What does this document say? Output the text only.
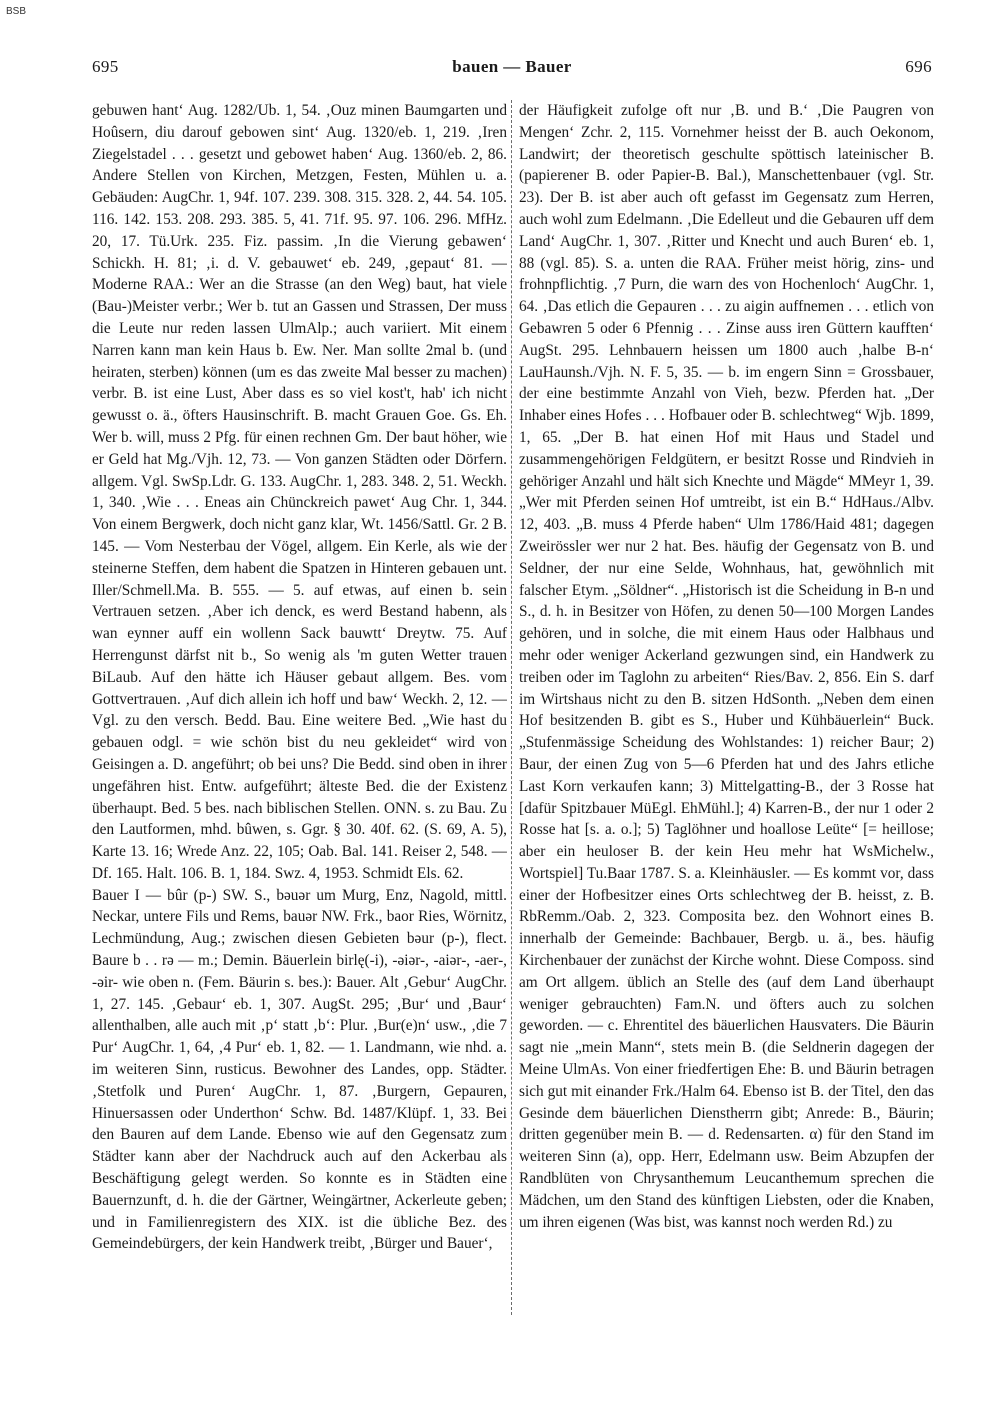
BSB
695	bauen — Bauer	696

gebuwen hant‘ Aug. 1282/Ub. 1, 54. ‚Ouz minen Baumgarten und Hoûsern, diu darouf gebowen sint‘ Aug. 1320/eb. 1, 219. ‚Iren Ziegelstadel . . . gesetzt und gebowet haben‘ Aug. 1360/eb. 2, 86. Andere Stellen von Kirchen, Metzgen, Festen, Mühlen u. a. Gebäuden: AugChr. 1, 94f. 107. 239. 308. 315. 328. 2, 44. 54. 105. 116. 142. 153. 208. 293. 385. 5, 41. 71f. 95. 97. 106. 296. MfHz. 20, 17. Tü.Urk. 235. Fiz. passim. ‚In die Vierung gebawen‘ Schickh. H. 81; ‚i. d. V. gebauwet‘ eb. 249, ‚gepaut‘ 81. — Moderne RAA.: Wer an die Strasse (an den Weg) baut, hat viele (Bau-)Meister verbr.; Wer b. tut an Gassen und Strassen, Der muss die Leute nur reden lassen UlmAlp.; auch variiert. Mit einem Narren kann man kein Haus b. Ew. Ner. Man sollte 2mal b. (und heiraten, sterben) können (um es das zweite Mal besser zu machen) verbr. B. ist eine Lust, Aber dass es so viel kost't, hab' ich nicht gewusst o. ä., öfters Hausinschrift. B. macht Grauen Goe. Gs. Eh. Wer b. will, muss 2 Pfg. für einen rechnen Gm. Der baut höher, wie er Geld hat Mg./Vjh. 12, 73. — Von ganzen Städten oder Dörfern. allgem. Vgl. SwSp.Ldr. G. 133. AugChr. 1, 283. 348. 2, 51. Weckh. 1, 340. ‚Wie . . . Eneas ain Chünckreich pawet‘ Aug Chr. 1, 344. Von einem Bergwerk, doch nicht ganz klar, Wt. 1456/Sattl. Gr. 2 B. 145. — Vom Nesterbau der Vögel, allgem. Ein Kerle, als wie der steinerne Steffen, dem habent die Spatzen in Hinteren gebauen unt. Iller/Schmell.Ma. B. 555. — 5. auf etwas, auf einen b. sein Vertrauen setzen. ‚Aber ich denck, es werd Bestand habenn, als wan eynner auff ein wollenn Sack bauwtt‘ Dreytw. 75. Auf Herrengunst därfst nit b., So wenig als 'm guten Wetter trauen BiLaub. Auf den hätte ich Häuser gebaut allgem. Bes. vom Gottvertrauen. ‚Auf dich allein ich hoff und baw‘ Weckh. 2, 12. — Vgl. zu den versch. Bedd. Bau. Eine weitere Bed. „Wie hast du gebauen odgl. = wie schön bist du neu gekleidet“ wird von Geisingen a. D. angeführt; ob bei uns? Die Bedd. sind oben in ihrer ungefähren hist. Entw. aufgeführt; älteste Bed. die der Existenz überhaupt. Bed. 5 bes. nach biblischen Stellen. ONN. s. zu Bau. Zu den Lautformen, mhd. bûwen, s. Ggr. § 30. 40f. 62. (S. 69, A. 5), Karte 13. 16; Wrede Anz. 22, 105; Oab. Bal. 141. Reiser 2, 548. — Df. 165. Halt. 106. B. 1, 184. Swz. 4, 1953. Schmidt Els. 62.

Bauer I — bûr (p-) SW. S., bəuər um Murg, Enz, Nagold, mittl. Neckar, untere Fils und Rems, bauər NW. Frk., baor Ries, Wörnitz, Lechmündung, Aug.; zwischen diesen Gebieten bəur (p-), flect. Baure b . . rə — m.; Demin. Bäuerlein birlę(-i), -əiər-, -aiər-, -aer-, -əir- wie oben n. (Fem. Bäurin s. bes.): Bauer. Alt ‚Gebur‘ AugChr. 1, 27. 145. ‚Gebaur‘ eb. 1, 307. AugSt. 295; ‚Bur‘ und ‚Baur‘ allenthalben, alle auch mit ‚p‘ statt ‚b‘: Plur. ‚Bur(e)n‘ usw., ‚die 7 Pur‘ AugChr. 1, 64, ‚4 Pur‘ eb. 1, 82. — 1. Landmann, wie nhd. a. im weiteren Sinn, rusticus. Bewohner des Landes, opp. Städter. ‚Stetfolk und Puren‘ AugChr. 1, 87. ‚Burgern, Gepauren, Hinuersassen oder Underthon‘ Schw. Bd. 1487/Klüpf. 1, 33. Bei den Bauren auf dem Lande. Ebenso wie auf den Gegensatz zum Städter kann aber der Nachdruck auch auf den Ackerbau als Beschäftigung gelegt werden. So konnte es in Städten eine Bauernzunft, d. h. die der Gärtner, Weingärtner, Ackerleute geben; und in Familienregistern des XIX. ist die übliche Bez. des Gemeindebürgers, der kein Handwerk treibt, ‚Bürger und Bauer‘,

der Häufigkeit zufolge oft nur ‚B. und B.‘ ‚Die Paugren von Mengen‘ Zchr. 2, 115. Vornehmer heisst der B. auch Oekonom, Landwirt; der theoretisch geschulte spöttisch lateinischer B. (papierener B. oder Papier-B. Bal.), Manschettenbauer (vgl. Str. 23). Der B. ist aber auch oft gefasst im Gegensatz zum Herren, auch wohl zum Edelmann. ‚Die Edelleut und die Gebauren uff dem Land‘ AugChr. 1, 307. ‚Ritter und Knecht und auch Buren‘ eb. 1, 88 (vgl. 85). S. a. unten die RAA. Früher meist hörig, zins- und frohnpflichtig. ‚7 Purn, die warn des von Hochenloch‘ AugChr. 1, 64. ‚Das etlich die Gepauren . . . zu aigin auffnemen . . . etlich von Gebawren 5 oder 6 Pfennig . . . Zinse auss iren Güttern kaufften‘ AugSt. 295. Lehnbauern heissen um 1800 auch ‚halbe B-n‘ LauHaunsh./Vjh. N. F. 5, 35. — b. im engern Sinn = Grossbauer, der eine bestimmte Anzahl von Vieh, bezw. Pferden hat. „Der Inhaber eines Hofes . . . Hofbauer oder B. schlechtweg“ Wjb. 1899, 1, 65. „Der B. hat einen Hof mit Haus und Stadel und zusammengehörigen Feldgütern, er besitzt Rosse und Rindvieh in gehöriger Anzahl und hält sich Knechte und Mägde“ MMeyr 1, 39. „Wer mit Pferden seinen Hof umtreibt, ist ein B.“ HdHaus./Albv. 12, 403. „B. muss 4 Pferde haben“ Ulm 1786/Haid 481; dagegen Zweirössler wer nur 2 hat. Bes. häufig der Gegensatz von B. und Seldner, der nur eine Selde, Wohnhaus, hat, gewöhnlich mit falscher Etym. „Söldner“. „Historisch ist die Scheidung in B-n und S., d. h. in Besitzer von Höfen, zu denen 50—100 Morgen Landes gehören, und in solche, die mit einem Haus oder Halbhaus und mehr oder weniger Ackerland gezwungen sind, ein Handwerk zu treiben oder im Taglohn zu arbeiten“ Ries/Bav. 2, 856. Ein S. darf im Wirtshaus nicht zu den B. sitzen HdSonth. „Neben dem einen Hof besitzenden B. gibt es S., Huber und Kühbäuerlein“ Buck. „Stufenmässige Scheidung des Wohlstandes: 1) reicher Baur; 2) Baur, der einen Zug von 5—6 Pferden hat und des Jahrs etliche Last Korn verkaufen kann; 3) Mittelgatting-B., der 3 Rosse hat [dafür Spitzbauer MüEgl. EhMühl.]; 4) Karren-B., der nur 1 oder 2 Rosse hat [s. a. o.]; 5) Taglöhner und hoallose Leüte“ [= heillose; aber ein heuloser B. der kein Heu mehr hat WsMichelw., Wortspiel] Tu.Baar 1787. S. a. Kleinhäusler. — Es kommt vor, dass einer der Hofbesitzer eines Orts schlechtweg der B. heisst, z. B. RbRemm./Oab. 2, 323. Composita bez. den Wohnort eines B. innerhalb der Gemeinde: Bachbauer, Bergb. u. ä., bes. häufig Kirchenbauer der zunächst der Kirche wohnt. Diese Composs. sind am Ort allgem. üblich an Stelle des (auf dem Land überhaupt weniger gebrauchten) Fam.N. und öfters auch zu solchen geworden. — c. Ehrentitel des bäuerlichen Hausvaters. Die Bäurin sagt nie „mein Mann“, stets mein B. (die Seldnerin dagegen der Meine UlmAs. Von einer friedfertigen Ehe: B. und Bäurin betragen sich gut mit einander Frk./Halm 64. Ebenso ist B. der Titel, den das Gesinde dem bäuerlichen Dienstherrn gibt; Anrede: B., Bäurin; dritten gegenüber mein B. — d. Redensarten. α) für den Stand im weiteren Sinn (a), opp. Herr, Edelmann usw. Beim Abzupfen der Randblüten von Chrysanthemum Leucanthemum sprechen die Mädchen, um den Stand des künftigen Liebsten, oder die Knaben, um ihren eigenen (Was bist, was kannst noch werden Rd.) zu
